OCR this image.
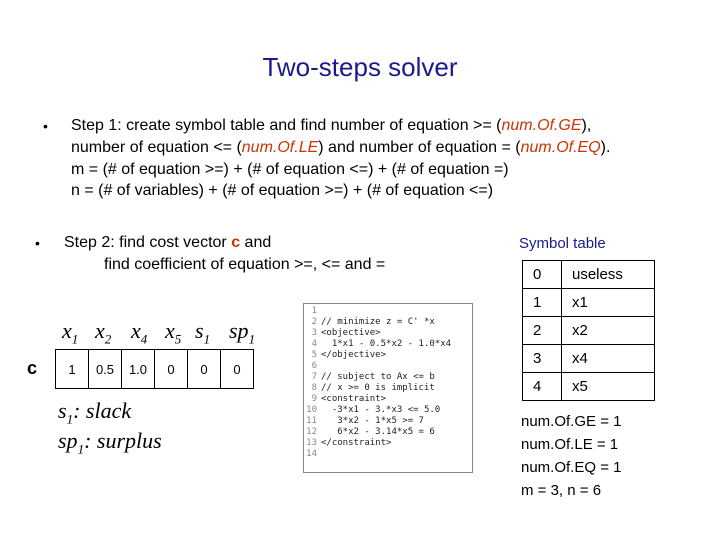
Two-steps solver
• Step 1: create symbol table and find number of equation >= (num.Of.GE),
number of equation <= (num.Of.LE) and number of equation = (num.Of.EQ).
m = (# of equation >=) + (# of equation <=) + (# of equation =)
n = (# of variables) + (# of equation >=) + (# of equation <=)
• Step 2: find cost vector c and
find coefficient of equation >=, <= and =
$x_1$ $x_2$ $x_4$ $x_5$ $s_1$ $sp_1$
c 1	0.5	1.0	0	0	0
$s_1$: slack
$sp_1$: surplus
1
2
3
4
5
6
7
8
9
10
11
12
13
14

// minimize z = C' *x
<objective>
1*x1 - 0.5*x2 - 1.0*x4
</objective>

// subject to Ax <= b
// x >= 0 is implicit
<constraint>
-3*x1 - 3.*x3 <= 5.0
3*x2 - 1*x5 >= 7
6*x2 - 3.14*x5 = 6
</constraint>

Symbol table
0	useless
1	x1
2	x2
3	x4
4	x5
num.Of.GE = 1
num.Of.LE = 1
num.Of.EQ = 1
m = 3, n = 6
